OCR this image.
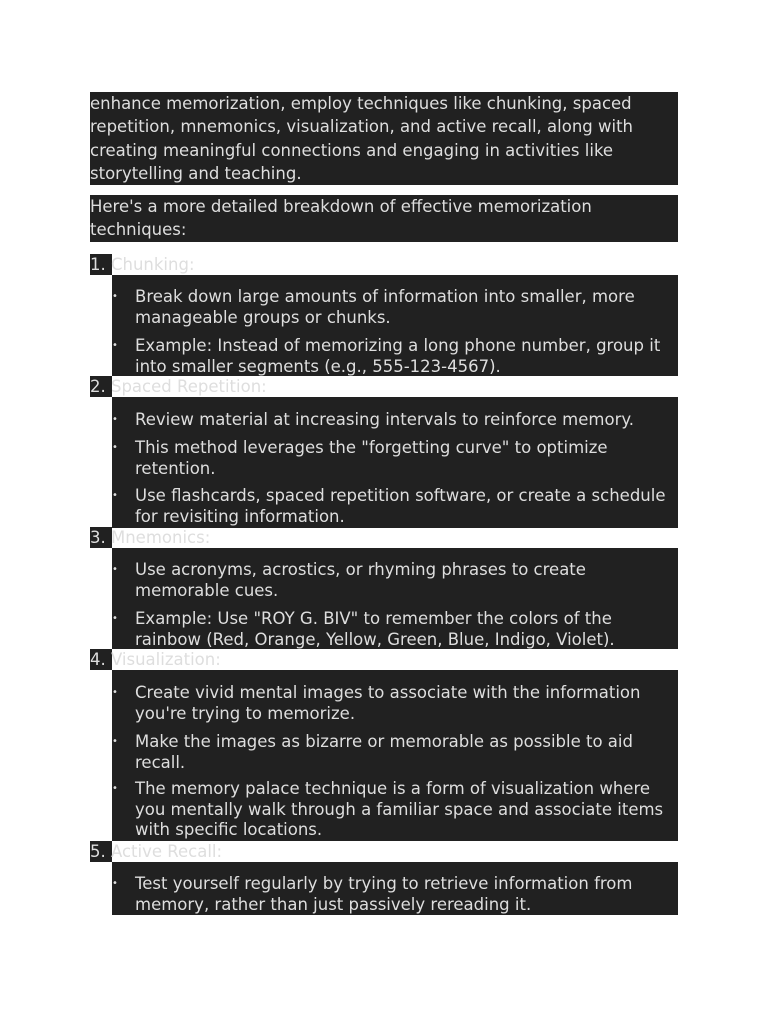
enhance memorization, employ techniques like chunking, spaced repetition, mnemonics, visualization, and active recall, along with creating meaningful connections and engaging in activities like storytelling and teaching.
Here's a more detailed breakdown of effective memorization techniques:
1. Chunking:
•	Break down large amounts of information into smaller, more manageable groups or chunks.
•	Example: Instead of memorizing a long phone number, group it into smaller segments (e.g., 555-123-4567).
2. Spaced Repetition:
•	Review material at increasing intervals to reinforce memory.
•	This method leverages the "forgetting curve" to optimize retention.
•	Use flashcards, spaced repetition software, or create a schedule for revisiting information.
3. Mnemonics:
•	Use acronyms, acrostics, or rhyming phrases to create memorable cues.
•	Example: Use "ROY G. BIV" to remember the colors of the rainbow (Red, Orange, Yellow, Green, Blue, Indigo, Violet).
4. Visualization:
•	Create vivid mental images to associate with the information you're trying to memorize.
•	Make the images as bizarre or memorable as possible to aid recall.
•	The memory palace technique is a form of visualization where you mentally walk through a familiar space and associate items with specific locations.
5. Active Recall:
•	Test yourself regularly by trying to retrieve information from memory, rather than just passively rereading it.
